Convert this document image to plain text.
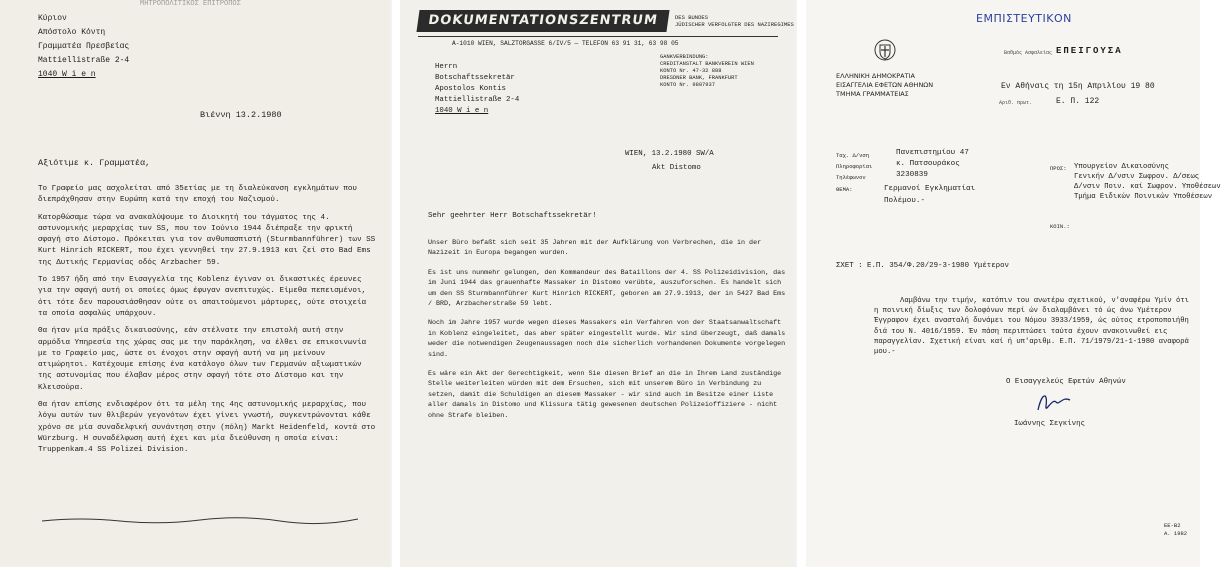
ΜΗΤΡΟΠΟΛΙΤΙΚΟΣ ΕΠΙΤΡΟΠΟΣ
Κύριον
Απόστολο Κόντη
Γραμματέα Πρεσβείας
Mattiellistraße 2-4
1040 W i e n
Βιέννη 13.2.1980
Αξιότιμε κ. Γραμματέα,

Το Γραφείο μας ασχολείται από 35ετίας με τη διαλεύκανση εγκλημάτων που διεπράχθησαν στην Ευρώπη κατά την εποχή του Ναζισμού.

Κατορθώσαμε τώρα να ανακαλύψουμε το Διοικητή του τάγματος της 4. αστυνομικής μεραρχίας των SS, που τον Ιούνιο 1944 διέπραξε την φρικτή σφαγή στο Δίστομο. Πρόκειται για τον ανθυπασπιστή (Sturmbannführer) των SS Kurt Hinrich RICKERT, που έχει γεννηθεί την 27.9.1913 και ζεί στο Bad Ems της Δυτικής Γερμανίας οδός Arzbacher 59.

Το 1957 ήδη από την Εισαγγελία της Koblenz έγιναν οι δικαστικές έρευνες για την σφαγή αυτή οι οποίες όμως έφυγαν ανεπιτυχώς. Είμεθα πεπεισμένοι, ότι τότε δεν παρουσιάσθησαν ούτε οι απαιτούμενοι μάρτυρες, ούτε στοιχεία τα οποία ασφαλώς υπάρχουν.

Θα ήταν μία πράξις δικαιοσύνης, εάν στέλνατε την επιστολή αυτή στην αρμόδια Υπηρεσία της χώρας σας με την παράκληση, να έλθει σε επικοινωνία με το Γραφείο μας, ώστε οι ένοχοι στην σφαγή αυτή να μη μείνουν ατιμώρητοι. Κατέχουμε επίσης ένα κατάλογο όλων των Γερμανών αξιωματικών της αστυνομίας που έλαβαν μέρος στην σφαγή τότε στο Δίστομο και την Κλεισούρα.

Θα ήταν επίσης ενδιαφέρον ότι τα μέλη της 4ης αστυνομικής μεραρχίας, που λόγω αυτών των θλιβερών γεγονότων έχει γίνει γνωστή, συγκεντρώνονται κάθε χρόνο σε μία συναδελφική συνάντηση στην (πόλη) Markt Heidenfeld, κοντά στο Würzburg. Η συναδέλφωση αυτή έχει και μία διεύθυνση η οποία είναι: Truppenkam.4 SS Polizei Division.

DOKUMENTATIONSZENTRUM	DES BUNDES
JÜDISCHER VERFOLGTER DES NAZIREGIMES
A-1010 WIEN, SALZTORGASSE 6/IV/5 — TELEFON 63 91 31, 63 98 05
GANKVERBINDUNG:
CREDITANSTALT BANKVEREIN WIEN
KONTO Nr. 47-32 888
DRESDNER BANK, FRANKFURT
KONTO Nr. 9807937
Herrn
Botschaftssekretär
Apostolos Kontis
Mattiellistraße 2-4
1040 W i e n
WIEN, 13.2.1980 SW/A
Akt Distomo
Sehr geehrter Herr Botschaftssekretär!

Unser Büro befaßt sich seit 35 Jahren mit der Aufklärung von Verbrechen, die in der Nazizeit in Europa begangen wurden.

Es ist uns nunmehr gelungen, den Kommandeur des Bataillons der 4. SS Polizeidivision, das im Juni 1944 das grauenhafte Massaker in Distomo verübte, auszuforschen. Es handelt sich um den SS Sturmbannführer Kurt Hinrich RICKERT, geboren am 27.9.1913, der in 5427 Bad Ems / BRD, Arzbacherstraße 59 lebt.

Noch im Jahre 1957 wurde wegen dieses Massakers ein Verfahren von der Staatsanwaltschaft in Koblenz eingeleitet, das aber später eingestellt wurde. Wir sind überzeugt, daß damals weder die notwendigen Zeugenaussagen noch die sicherlich vorhandenen Dokumente vorgelegen sind.

Es wäre ein Akt der Gerechtigkeit, wenn Sie diesen Brief an die in Ihrem Land zuständige Stelle weiterleiten würden mit dem Ersuchen, sich mit unserem Büro in Verbindung zu setzen, damit die Schuldigen an diesem Massaker - wir sind auch im Besitze einer Liste aller damals in Distomo und Klissura tätig gewesenen deutschen Polizeioffiziere - nicht ohne Strafe bleiben.

ΕΜΠΙΣΤΕΥΤΙΚΟΝ
Βαθμός Ασφαλείας ΕΠΕΙΓΟΥΣΑ
ΕΛΛΗΝΙΚΗ ΔΗΜΟΚΡΑΤΙΑ
ΕΙΣΑΓΓΕΛΙΑ ΕΦΕΤΩΝ ΑΘΗΝΩΝ
ΤΜΗΜΑ ΓΡΑΜΜΑΤΕΙΑΣ
Εν Αθήναις τη 15η Απριλίου 19 80
Αριθ. πρωτ.	Ε. Π. 122
Ταχ. Δ/νση
Πληροφορίαι
Τηλέφωνον
Πανεπιστημίου 47
κ. Πατσουράκος
3230839
ΠΡΟΣ: Υπουργείον Δικαιοσύνης
Γενικήν Δ/νσιν Σωφρον. Δ/σεως
Δ/νσιν Ποιν. καί Σωφρον. Υποθέσεων
Τμήμα Ειδικών Ποινικών Υποθέσεων
ΘΕΜΑ:	Γερμανοί Εγκληματίαι
Πολέμου.-
ΚΟΙΝ.:
ΣΧΕΤ : Ε.Π. 354/Φ.20/29-3-1980 Υμέτερον

Λαμβάνω την τιμήν, κατόπιν του ανωτέρω σχετικού, ν'αναφέρω Υμίν ότι η ποινική δίωξις των δολοφόνων περί ών διαλαμβάνει τό ώς άνω Υμέτερον Έγγραφον έχει ανασταλή δυνάμει του Νόμου 3933/1959, ώς ούτος ετροποποιήθη διά του Ν. 4016/1959. Έν πάση περιπτώσει ταύτα έχουν ανακοινωθεί εις παραγγελίαν. Σχετική είναι καί ή υπ'αριθμ. Ε.Π. 71/1979/21-1-1980 αναφορά μου.-

Ο Εισαγγελεύς Εφετών Αθηνών
Ιωάννης Σεγκίνης
ΕΕ-Β2
Α. 1982
